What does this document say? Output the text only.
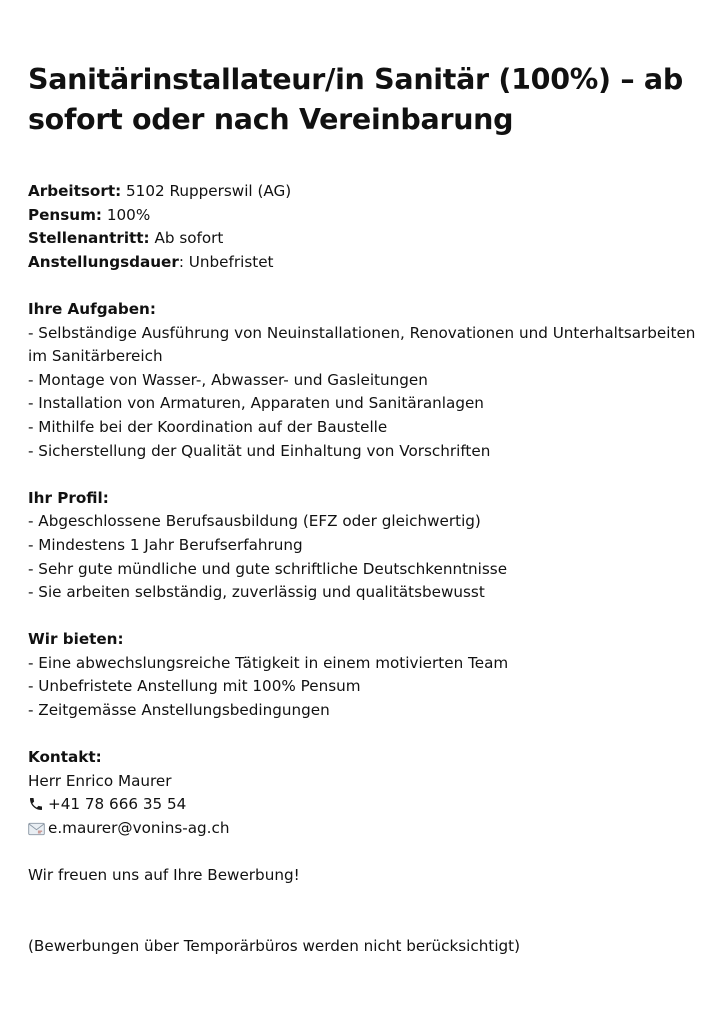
Sanitärinstallateur/in Sanitär (100%) – ab sofort oder nach Vereinbarung
Arbeitsort: 5102 Rupperswil (AG)
Pensum: 100%
Stellenantritt: Ab sofort
Anstellungsdauer: Unbefristet
Ihre Aufgaben:
- Selbständige Ausführung von Neuinstallationen, Renovationen und Unterhaltsarbeiten im Sanitärbereich
- Montage von Wasser-, Abwasser- und Gasleitungen
- Installation von Armaturen, Apparaten und Sanitäranlagen
- Mithilfe bei der Koordination auf der Baustelle
- Sicherstellung der Qualität und Einhaltung von Vorschriften
Ihr Profil:
- Abgeschlossene Berufsausbildung (EFZ oder gleichwertig)
- Mindestens 1 Jahr Berufserfahrung
- Sehr gute mündliche und gute schriftliche Deutschkenntnisse
- Sie arbeiten selbständig, zuverlässig und qualitätsbewusst
Wir bieten:
- Eine abwechslungsreiche Tätigkeit in einem motivierten Team
- Unbefristete Anstellung mit 100% Pensum
- Zeitgemässe Anstellungsbedingungen
Kontakt:
Herr Enrico Maurer
+41 78 666 35 54
e.maurer@vonins-ag.ch
Wir freuen uns auf Ihre Bewerbung!
(Bewerbungen über Temporärbüros werden nicht berücksichtigt)
